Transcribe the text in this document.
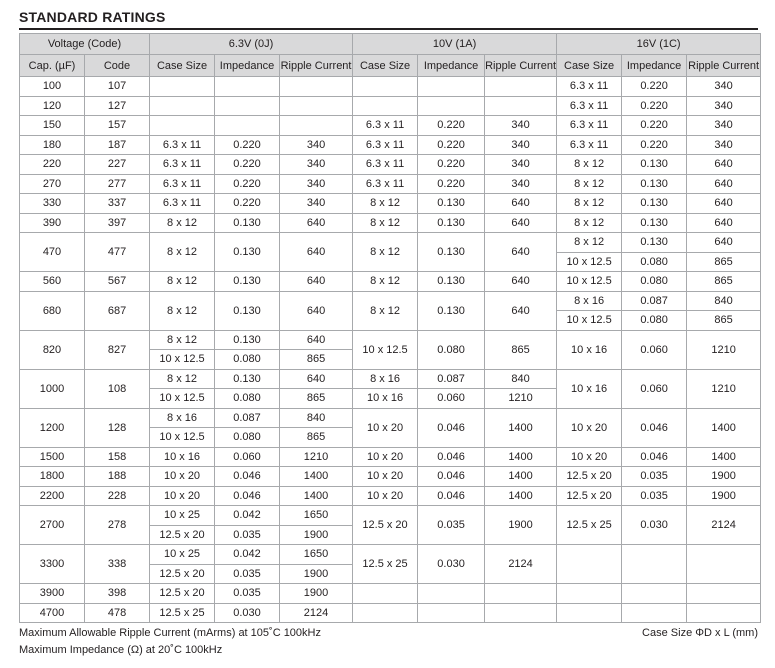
STANDARD RATINGS
Voltage (Code)		6.3V (0J)			10V (1A)			16V (1C)		
Cap. (µF)	Code	Case Size	Impedance	Ripple Current	Case Size	Impedance	Ripple Current	Case Size	Impedance	Ripple Current
100	107							6.3 x 11	0.220	340
120	127							6.3 x 11	0.220	340
150	157				6.3 x 11	0.220	340	6.3 x 11	0.220	340
180	187	6.3 x 11	0.220	340	6.3 x 11	0.220	340	6.3 x 11	0.220	340
220	227	6.3 x 11	0.220	340	6.3 x 11	0.220	340	8 x 12	0.130	640
270	277	6.3 x 11	0.220	340	6.3 x 11	0.220	340	8 x 12	0.130	640
330	337	6.3 x 11	0.220	340	8 x 12	0.130	640	8 x 12	0.130	640
390	397	8 x 12	0.130	640	8 x 12	0.130	640	8 x 12	0.130	640
470	477	8 x 12	0.130	640	8 x 12	0.130	640	8 x 12	0.130	640
								10 x 12.5	0.080	865
560	567	8 x 12	0.130	640	8 x 12	0.130	640	10 x 12.5	0.080	865
680	687	8 x 12	0.130	640	8 x 12	0.130	640	8 x 16	0.087	840
								10 x 12.5	0.080	865
820	827	8 x 12	0.130	640	10 x 12.5	0.080	865	10 x 16	0.060	1210
		10 x 12.5	0.080	865						
1000	108	8 x 12	0.130	640	8 x 16	0.087	840	10 x 16	0.060	1210
		10 x 12.5	0.080	865	10 x 16	0.060	1210			
1200	128	8 x 16	0.087	840	10 x 20	0.046	1400	10 x 20	0.046	1400
		10 x 12.5	0.080	865						
1500	158	10 x 16	0.060	1210	10 x 20	0.046	1400	10 x 20	0.046	1400
1800	188	10 x 20	0.046	1400	10 x 20	0.046	1400	12.5 x 20	0.035	1900
2200	228	10 x 20	0.046	1400	10 x 20	0.046	1400	12.5 x 20	0.035	1900
2700	278	10 x 25	0.042	1650	12.5 x 20	0.035	1900	12.5 x 25	0.030	2124
		12.5 x 20	0.035	1900						
3300	338	10 x 25	0.042	1650	12.5 x 25	0.030	2124			
		12.5 x 20	0.035	1900						
3900	398	12.5 x 20	0.035	1900						
4700	478	12.5 x 25	0.030	2124						
Maximum Allowable Ripple Current (mArms) at 105˚C 100kHz
Maximum Impedance (Ω) at 20˚C 100kHz
Case Size ΦD x L (mm)
